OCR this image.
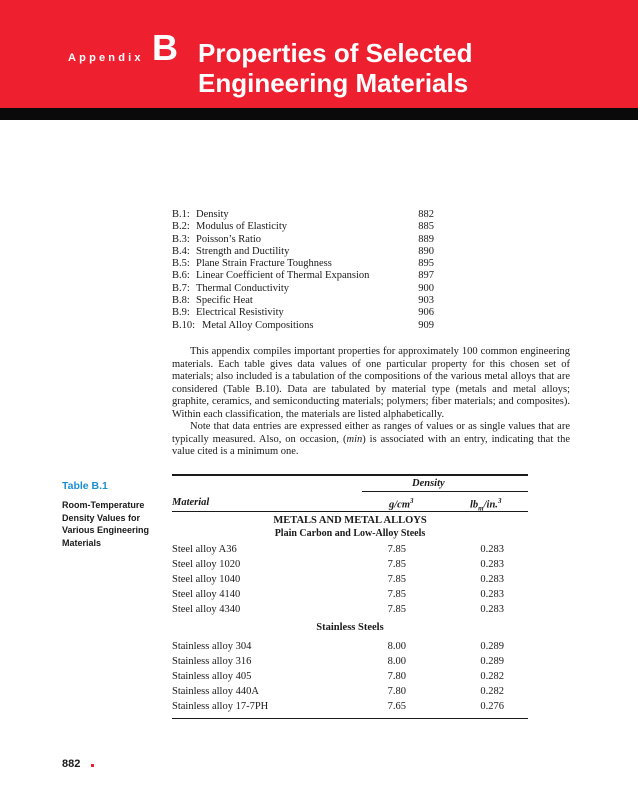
Appendix B Properties of Selected
Engineering Materials
B.1: Density	882
B.2: Modulus of Elasticity	885
B.3: Poisson’s Ratio	889
B.4: Strength and Ductility	890
B.5: Plane Strain Fracture Toughness	895
B.6: Linear Coefficient of Thermal Expansion	897
B.7: Thermal Conductivity	900
B.8: Specific Heat	903
B.9: Electrical Resistivity	906
B.10: Metal Alloy Compositions	909

This appendix compiles important properties for approximately 100 common engineering materials. Each table gives data values of one particular property for this chosen set of materials; also included is a tabulation of the compositions of the various metal alloys that are considered (Table B.10). Data are tabulated by material type (metals and metal alloys; graphite, ceramics, and semiconducting materials; polymers; fiber materials; and composites). Within each classification, the materials are listed alphabetically.

Note that data entries are expressed either as ranges of values or as single values that are typically measured. Also, on occasion, (min) is associated with an entry, indicating that the value cited is a minimum one.

Table B.1
Room-Temperature Density Values for Various Engineering Materials
Density
Material	$g/cm^3$	$lb_m/in.^3$
METALS AND METAL ALLOYS
Plain Carbon and Low-Alloy Steels
Steel alloy A36	7.85	0.283
Steel alloy 1020	7.85	0.283
Steel alloy 1040	7.85	0.283
Steel alloy 4140	7.85	0.283
Steel alloy 4340	7.85	0.283
Stainless Steels
Stainless alloy 304	8.00	0.289
Stainless alloy 316	8.00	0.289
Stainless alloy 405	7.80	0.282
Stainless alloy 440A	7.80	0.282
Stainless alloy 17-7PH	7.65	0.276
882
